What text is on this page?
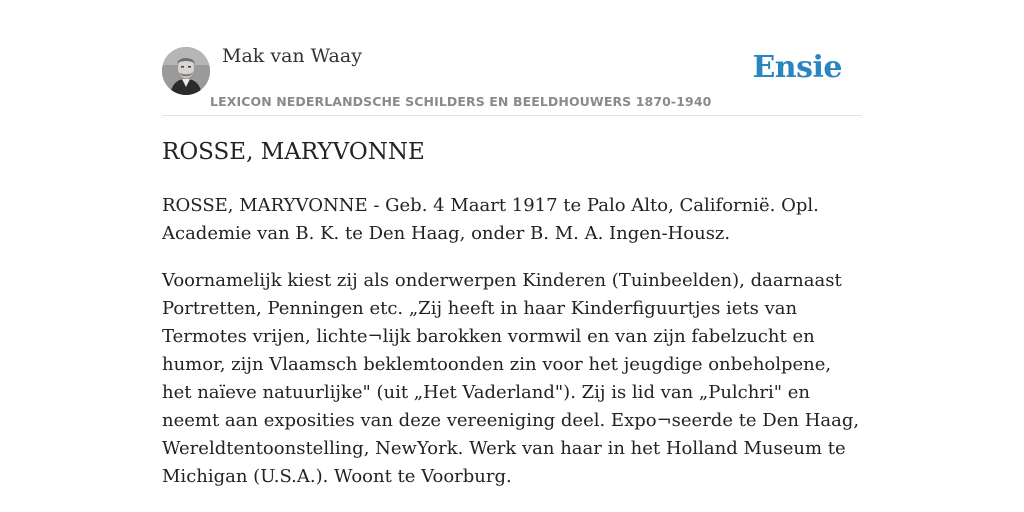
Mak van Waay
LEXICON NEDERLANDSCHE SCHILDERS EN BEELDHOUWERS 1870-1940
Ensie
ROSSE, MARYVONNE

ROSSE, MARYVONNE - Geb. 4 Maart 1917 te Palo Alto, Californië. Opl. Academie van B. K. te Den Haag, onder B. M. A. Ingen-Housz.

Voornamelijk kiest zij als onderwerpen Kinderen (Tuinbeelden), daarnaast Portretten, Penningen etc. „Zij heeft in haar Kinderfiguurtjes iets van Termotes vrijen, lichte¬lijk barokken vormwil en van zijn fabelzucht en humor, zijn Vlaamsch beklemtoonden zin voor het jeugdige onbeholpene, het naïeve natuurlijke" (uit „Het Vaderland"). Zij is lid van „Pulchri" en neemt aan exposities van deze vereeniging deel. Expo¬seerde te Den Haag, Wereldtentoonstelling, NewYork. Werk van haar in het Holland Museum te Michigan (U.S.A.). Woont te Voorburg.
